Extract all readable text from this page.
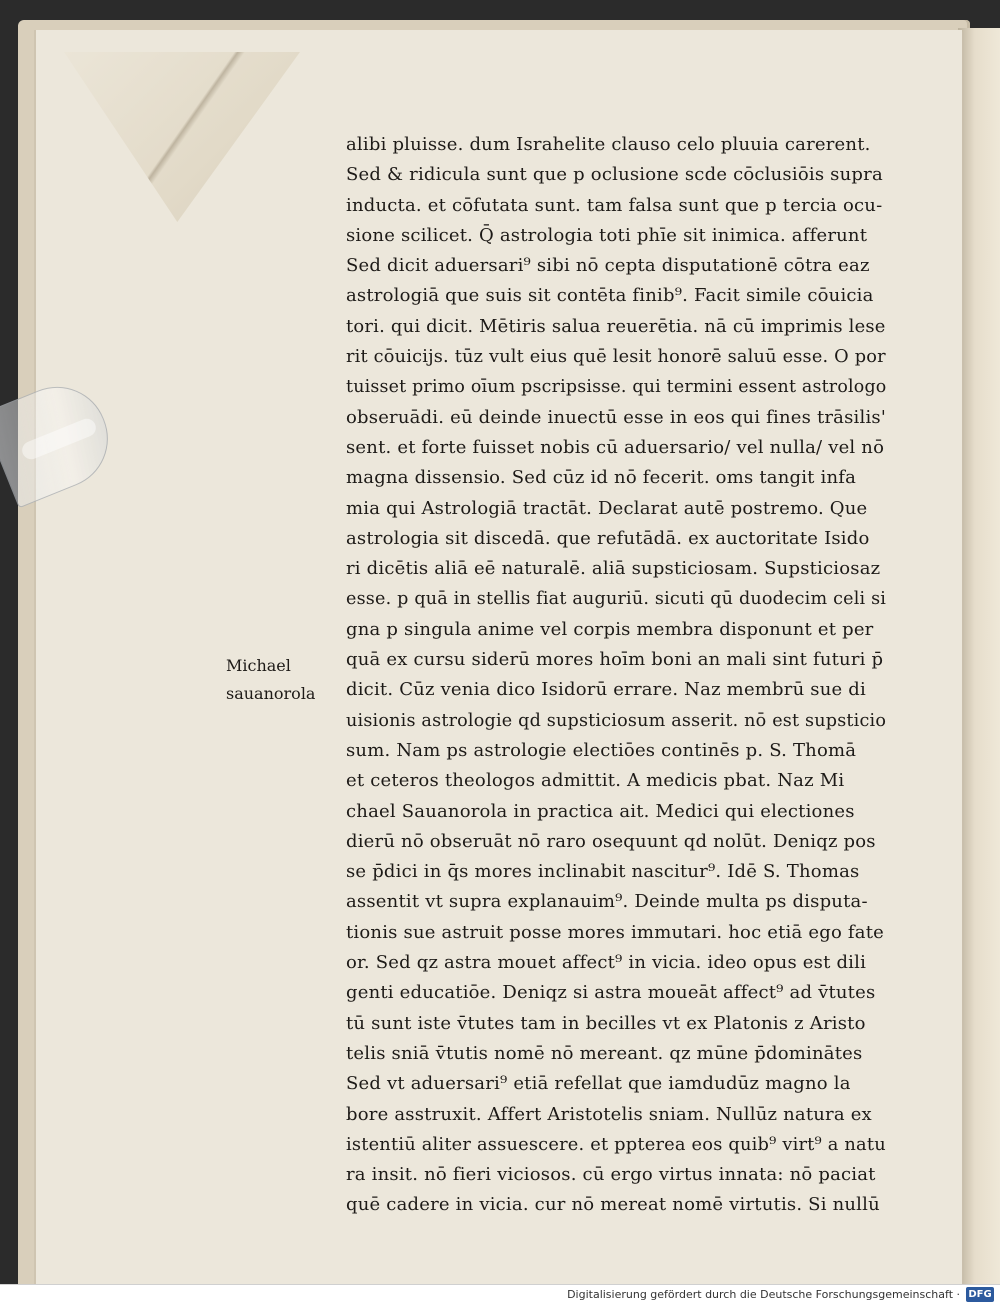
Michael
sauanorola
alibi pluisse. dum Israhelite clauso celo pluuia carerent.
Sed & ridicula sunt que p oclusione scde cōclusiōis supra
inducta. et cōfutata sunt. tam falsa sunt que p tercia ocu-
sione scilicet. Q̄ astrologia toti phīe sit inimica. afferunt
Sed dicit aduersari⁹ sibi nō cepta disputationē cōtra eaz
astrologiā que suis sit contēta finib⁹. Facit simile cōuicia
tori. qui dicit. Mētiris salua reuerētia. nā cū imprimis lese
rit cōuicijs. tūz vult eius quē lesit honorē saluū esse. O por
tuisset primo oīum pscripsisse. qui termini essent astrologo
obseruādi. eū deinde inuectū esse in eos qui fines trāsilis'
sent. et forte fuisset nobis cū aduersario/ vel nulla/ vel nō
magna dissensio. Sed cūz id nō fecerit. oms tangit infa
mia qui Astrologiā tractāt. Declarat autē postremo. Que
astrologia sit discedā. que refutādā. ex auctoritate Isido
ri dicētis aliā eē naturalē. aliā supsticiosam. Supsticiosaz
esse. p quā in stellis fiat auguriū. sicuti qū duodecim celi si
gna p singula anime vel corpis membra disponunt et per
quā ex cursu siderū mores hoīm boni an mali sint futuri p̄
dicit. Cūz venia dico Isidorū errare. Naz membrū sue di
uisionis astrologie qd supsticiosum asserit. nō est supsticio
sum. Nam ps astrologie electiōes continēs p. S. Thomā
et ceteros theologos admittit. A medicis pbat. Naz Mi
chael Sauanorola in practica ait. Medici qui electiones
dierū nō obseruāt nō raro osequunt qd nolūt. Deniqz pos
se p̄dici in q̄s mores inclinabit nascitur⁹. Idē S. Thomas
assentit vt supra explanauim⁹. Deinde multa ps disputa-
tionis sue astruit posse mores immutari. hoc etiā ego fate
or. Sed qz astra mouet affect⁹ in vicia. ideo opus est dili
genti educatiōe. Deniqz si astra moueāt affect⁹ ad v̄tutes
tū sunt iste v̄tutes tam in becilles vt ex Platonis z Aristo
telis sniā v̄tutis nomē nō mereant. qz mūne p̄dominātes
Sed vt aduersari⁹ etiā refellat que iamdudūz magno la
bore asstruxit. Affert Aristotelis sniam. Nullūz natura ex
istentiū aliter assuescere. et ppterea eos quib⁹ virt⁹ a natu
ra insit. nō fieri viciosos. cū ergo virtus innata: nō paciat
quē cadere in vicia. cur nō mereat nomē virtutis. Si nullū
Digitalisierung gefördert durch die Deutsche Forschungsgemeinschaft · DFG
